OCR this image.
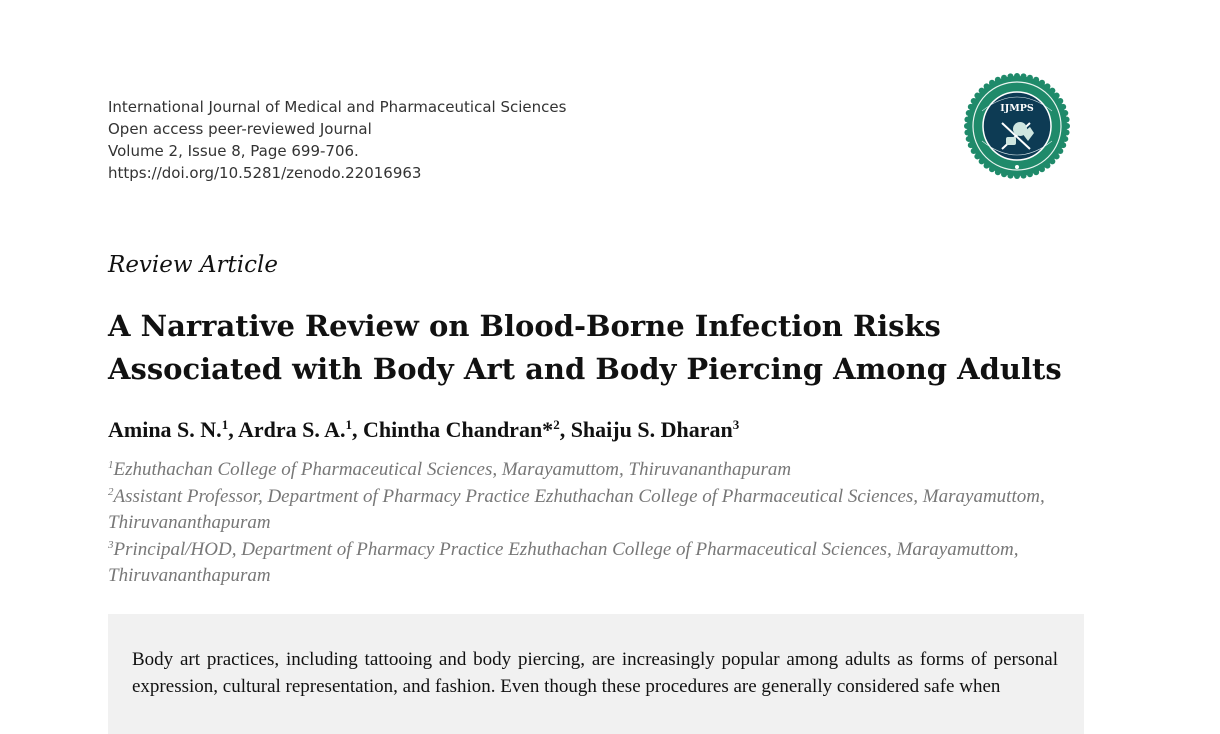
International Journal of Medical and Pharmaceutical Sciences
Open access peer-reviewed Journal
Volume 2, Issue 8, Page 699-706.
https://doi.org/10.5281/zenodo.22016963
IJMPS
Review Article
A Narrative Review on Blood-Borne Infection Risks Associated with Body Art and Body Piercing Among Adults
Amina S. N.$^1$, Ardra S. A.$^1$, Chintha Chandran*$^2$, Shaiju S. Dharan$^3$
$^1$Ezhuthachan College of Pharmaceutical Sciences, Marayamuttom, Thiruvananthapuram
$^2$Assistant Professor, Department of Pharmacy Practice Ezhuthachan College of Pharmaceutical Sciences, Marayamuttom, Thiruvananthapuram
$^3$Principal/HOD, Department of Pharmacy Practice Ezhuthachan College of Pharmaceutical Sciences, Marayamuttom, Thiruvananthapuram
Body art practices, including tattooing and body piercing, are increasingly popular among adults as forms of personal expression, cultural representation, and fashion. Even though these procedures are generally considered safe when
